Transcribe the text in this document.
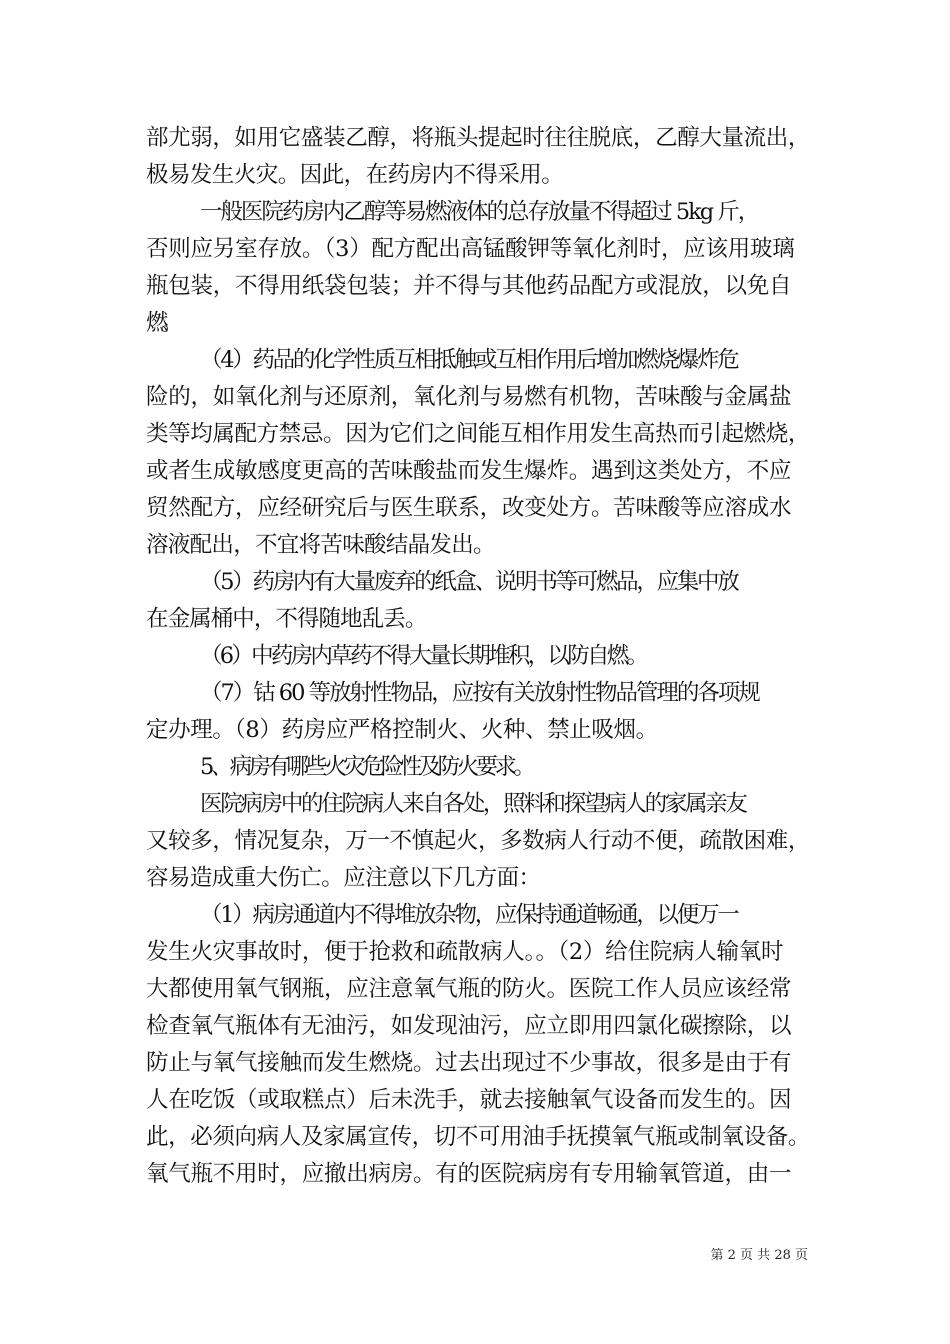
部尤弱，如用它盛装乙醇，将瓶头提起时往往脱底，乙醇大量流出，
极易发生火灾。因此，在药房内不得采用。
一般医院药房内乙醇等易燃液体的总存放量不得超过 5kg 斤，
否则应另室存放。（3）配方配出高锰酸钾等氧化剂时，应该用玻璃
瓶包装，不得用纸袋包装；并不得与其他药品配方或混放，以免自
燃。
（4）药品的化学性质互相抵触或互相作用后增加燃烧爆炸危
险的，如氧化剂与还原剂，氧化剂与易燃有机物，苦味酸与金属盐
类等均属配方禁忌。因为它们之间能互相作用发生高热而引起燃烧，
或者生成敏感度更高的苦味酸盐而发生爆炸。遇到这类处方，不应
贸然配方，应经研究后与医生联系，改变处方。苦味酸等应溶成水
溶液配出，不宜将苦味酸结晶发出。
（5）药房内有大量废弃的纸盒、说明书等可燃品，应集中放
在金属桶中，不得随地乱丢。
（6）中药房内草药不得大量长期堆积，以防自燃。
（7）钴 60 等放射性物品，应按有关放射性物品管理的各项规
定办理。（8）药房应严格控制火、火种、禁止吸烟。
5、病房有哪些火灾危险性及防火要求。
医院病房中的住院病人来自各处，照料和探望病人的家属亲友
又较多，情况复杂，万一不慎起火，多数病人行动不便，疏散困难，
容易造成重大伤亡。应注意以下几方面：
（1）病房通道内不得堆放杂物，应保持通道畅通，以便万一
发生火灾事故时，便于抢救和疏散病人。。（2）给住院病人输氧时
大都使用氧气钢瓶，应注意氧气瓶的防火。医院工作人员应该经常
检查氧气瓶体有无油污，如发现油污，应立即用四氯化碳擦除，以
防止与氧气接触而发生燃烧。过去出现过不少事故，很多是由于有
人在吃饭（或取糕点）后未洗手，就去接触氧气设备而发生的。因
此，必须向病人及家属宣传，切不可用油手抚摸氧气瓶或制氧设备。
氧气瓶不用时，应撤出病房。有的医院病房有专用输氧管道，由一
第 2 页 共 28 页
